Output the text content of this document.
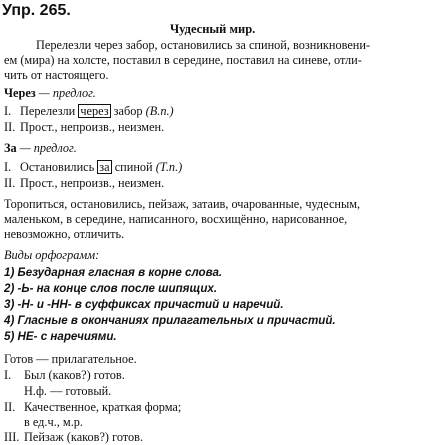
Упр. 265.
Чудесный мир.
Перелезли через забор, остановились за спиной, возникновени-
ем (мира) на холсте, поставил в середине, поставил на синеве, отли-
чить от настоящего.
Через — предлог.
I. Перелезли через забор (В.п.)
II. Прост., непроизв., неизмен.
За — предлог.
I. Остановились за спиной (Т.п.)
II. Прост., непроизв., неизмен.
Торопиться, остановились, пейзаж, затаив, очарованные, чудесным,
маленьком, в середине, написанного, восхищённо, нарисованное,
невозможно, отличить.
Виды орфограмм:
1) Безударная гласная в корне слова.
2) -Ь- на конце слов после шипящих.
3) -Н- и -НН- в суффиксах причастий и наречий.
4) Гласные в окончаниях прилагательных и причастий.
5) НЕ- с наречиями.
Готов — прилагательное.
I. Был (каков?) готов.
Н.ф. — готовый.
II. Качественное, краткая форма;
в ед.ч., м.р.
III. Пейзаж (каков?) готов.
